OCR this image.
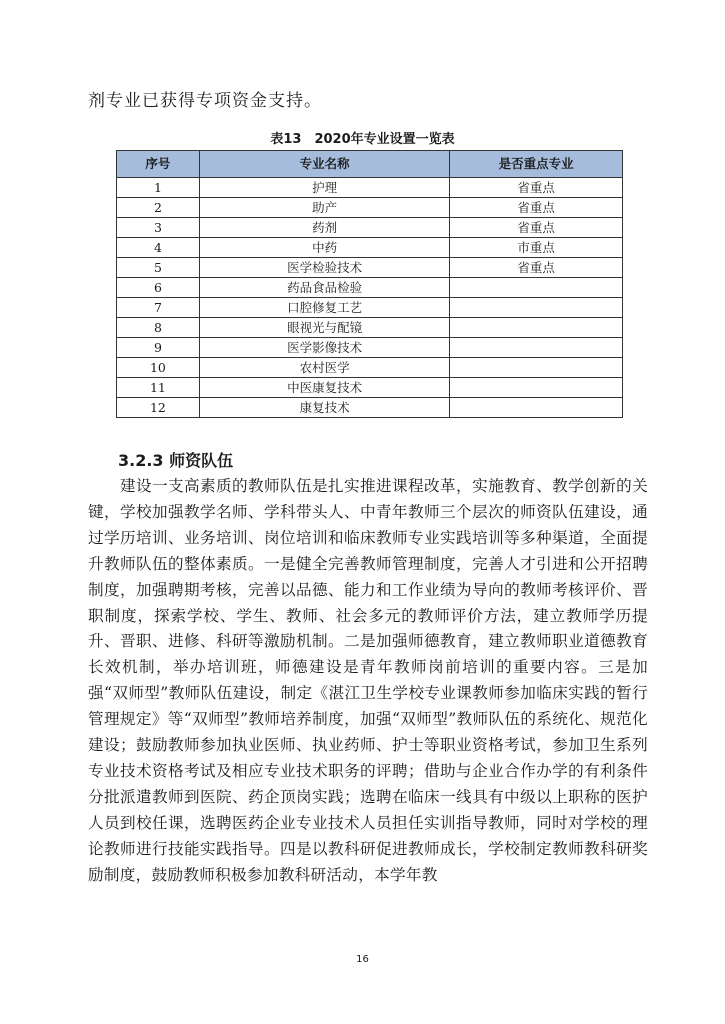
剂专业已获得专项资金支持。
表13　2020年专业设置一览表
序号	专业名称	是否重点专业
1	护理	省重点
2	助产	省重点
3	药剂	省重点
4	中药	市重点
5	医学检验技术	省重点
6	药品食品检验	
7	口腔修复工艺	
8	眼视光与配镜	
9	医学影像技术	
10	农村医学	
11	中医康复技术	
12	康复技术	
3.2.3 师资队伍

　　建设一支高素质的教师队伍是扎实推进课程改革，实施教育、教学创新的关键，学校加强教学名师、学科带头人、中青年教师三个层次的师资队伍建设，通过学历培训、业务培训、岗位培训和临床教师专业实践培训等多种渠道，全面提升教师队伍的整体素质。一是健全完善教师管理制度，完善人才引进和公开招聘制度，加强聘期考核，完善以品德、能力和工作业绩为导向的教师考核评价、晋职制度，探索学校、学生、教师、社会多元的教师评价方法，建立教师学历提升、晋职、进修、科研等激励机制。二是加强师德教育，建立教师职业道德教育长效机制，举办培训班，师德建设是青年教师岗前培训的重要内容。三是加强“双师型”教师队伍建设，制定《湛江卫生学校专业课教师参加临床实践的暂行管理规定》等“双师型”教师培养制度，加强“双师型”教师队伍的系统化、规范化建设；鼓励教师参加执业医师、执业药师、护士等职业资格考试，参加卫生系列专业技术资格考试及相应专业技术职务的评聘；借助与企业合作办学的有利条件分批派遣教师到医院、药企顶岗实践；选聘在临床一线具有中级以上职称的医护人员到校任课，选聘医药企业专业技术人员担任实训指导教师，同时对学校的理论教师进行技能实践指导。四是以教科研促进教师成长，学校制定教师教科研奖励制度，鼓励教师积极参加教科研活动，本学年教

16
